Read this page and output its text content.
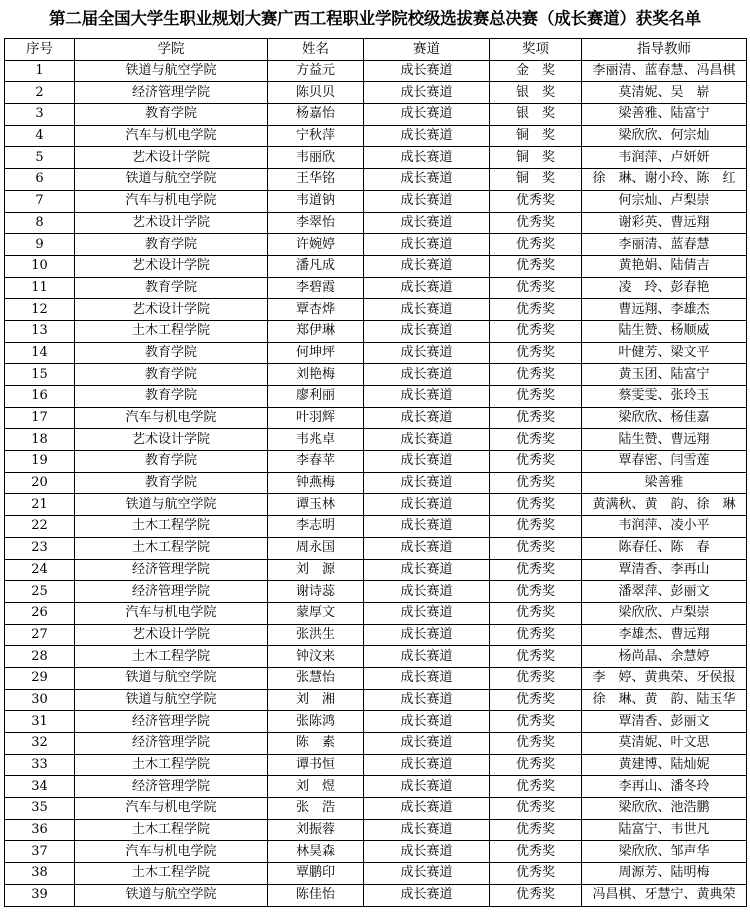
第二届全国大学生职业规划大赛广西工程职业学院校级选拔赛总决赛（成长赛道）获奖名单
序号	学院	姓名	赛道	奖项	指导教师
1	铁道与航空学院	方益元	成长赛道	金　奖	李丽清、蓝春慧、冯昌棋
2	经济管理学院	陈贝贝	成长赛道	银　奖	莫清妮、吴　崭
3	教育学院	杨嘉怡	成长赛道	银　奖	梁善雅、陆富宁
4	汽车与机电学院	宁秋萍	成长赛道	铜　奖	梁欣欣、何宗灿
5	艺术设计学院	韦丽欣	成长赛道	铜　奖	韦润萍、卢妍妍
6	铁道与航空学院	王华铭	成长赛道	铜　奖	徐　琳、谢小玲、陈　红
7	汽车与机电学院	韦道钠	成长赛道	优秀奖	何宗灿、卢梨崇
8	艺术设计学院	李翠怡	成长赛道	优秀奖	谢彩英、曹远翔
9	教育学院	许婉婷	成长赛道	优秀奖	李丽清、蓝春慧
10	艺术设计学院	潘凡成	成长赛道	优秀奖	黄艳娟、陆倩吉
11	教育学院	李碧霞	成长赛道	优秀奖	凌　玲、彭春艳
12	艺术设计学院	覃杏烨	成长赛道	优秀奖	曹远翔、李雄杰
13	土木工程学院	郑伊琳	成长赛道	优秀奖	陆生赞、杨顺威
14	教育学院	何坤坪	成长赛道	优秀奖	叶健芳、梁文平
15	教育学院	刘艳梅	成长赛道	优秀奖	黄玉团、陆富宁
16	教育学院	廖利丽	成长赛道	优秀奖	蔡雯雯、张玲玉
17	汽车与机电学院	叶羽辉	成长赛道	优秀奖	梁欣欣、杨佳嘉
18	艺术设计学院	韦兆卓	成长赛道	优秀奖	陆生赞、曹远翔
19	教育学院	李春苹	成长赛道	优秀奖	覃春密、闫雪莲
20	教育学院	钟燕梅	成长赛道	优秀奖	梁善雅
21	铁道与航空学院	谭玉林	成长赛道	优秀奖	黄满秋、黄　韵、徐　琳
22	土木工程学院	李志明	成长赛道	优秀奖	韦润萍、凌小平
23	土木工程学院	周永国	成长赛道	优秀奖	陈春任、陈　春
24	经济管理学院	刘　源	成长赛道	优秀奖	覃清香、李再山
25	经济管理学院	谢诗蕊	成长赛道	优秀奖	潘翠萍、彭丽文
26	汽车与机电学院	蒙厚文	成长赛道	优秀奖	梁欣欣、卢梨崇
27	艺术设计学院	张洪生	成长赛道	优秀奖	李雄杰、曹远翔
28	土木工程学院	钟汶来	成长赛道	优秀奖	杨尚晶、余慧婷
29	铁道与航空学院	张慧怡	成长赛道	优秀奖	李　婷、黄典荣、牙侯报
30	铁道与航空学院	刘　湘	成长赛道	优秀奖	徐　琳、黄　韵、陆玉华
31	经济管理学院	张陈鸿	成长赛道	优秀奖	覃清香、彭丽文
32	经济管理学院	陈　素	成长赛道	优秀奖	莫清妮、叶文思
33	土木工程学院	谭书恒	成长赛道	优秀奖	黄建博、陆灿妮
34	经济管理学院	刘　煜	成长赛道	优秀奖	李再山、潘冬玲
35	汽车与机电学院	张　浩	成长赛道	优秀奖	梁欣欣、池浩鹏
36	土木工程学院	刘振蓉	成长赛道	优秀奖	陆富宁、韦世凡
37	汽车与机电学院	林昊森	成长赛道	优秀奖	梁欣欣、邹声华
38	土木工程学院	覃鹏印	成长赛道	优秀奖	周源芳、陆明梅
39	铁道与航空学院	陈佳怡	成长赛道	优秀奖	冯昌棋、牙慧宁、黄典荣
